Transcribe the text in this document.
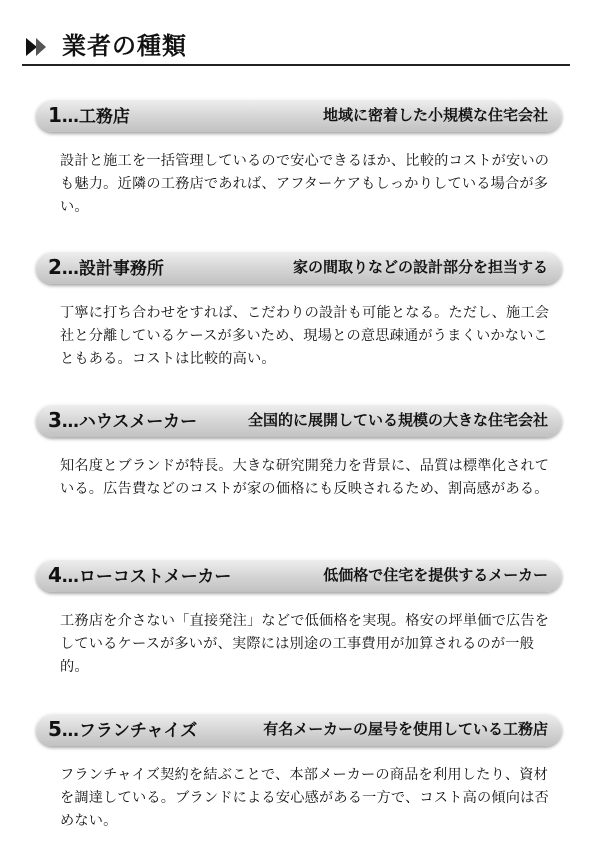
業者の種類
1…工務店	地域に密着した小規模な住宅会社

設計と施工を一括管理しているので安心できるほか、比較的コストが安いのも魅力。近隣の工務店であれば、アフターケアもしっかりしている場合が多い。

2…設計事務所	家の間取りなどの設計部分を担当する

丁寧に打ち合わせをすれば、こだわりの設計も可能となる。ただし、施工会社と分離しているケースが多いため、現場との意思疎通がうまくいかないこともある。コストは比較的高い。

3…ハウスメーカー	全国的に展開している規模の大きな住宅会社

知名度とブランドが特長。大きな研究開発力を背景に、品質は標準化されている。広告費などのコストが家の価格にも反映されるため、割高感がある。

4…ローコストメーカー	低価格で住宅を提供するメーカー

工務店を介さない「直接発注」などで低価格を実現。格安の坪単価で広告をしているケースが多いが、実際には別途の工事費用が加算されるのが一般的。

5…フランチャイズ	有名メーカーの屋号を使用している工務店

フランチャイズ契約を結ぶことで、本部メーカーの商品を利用したり、資材を調達している。ブランドによる安心感がある一方で、コスト高の傾向は否めない。
